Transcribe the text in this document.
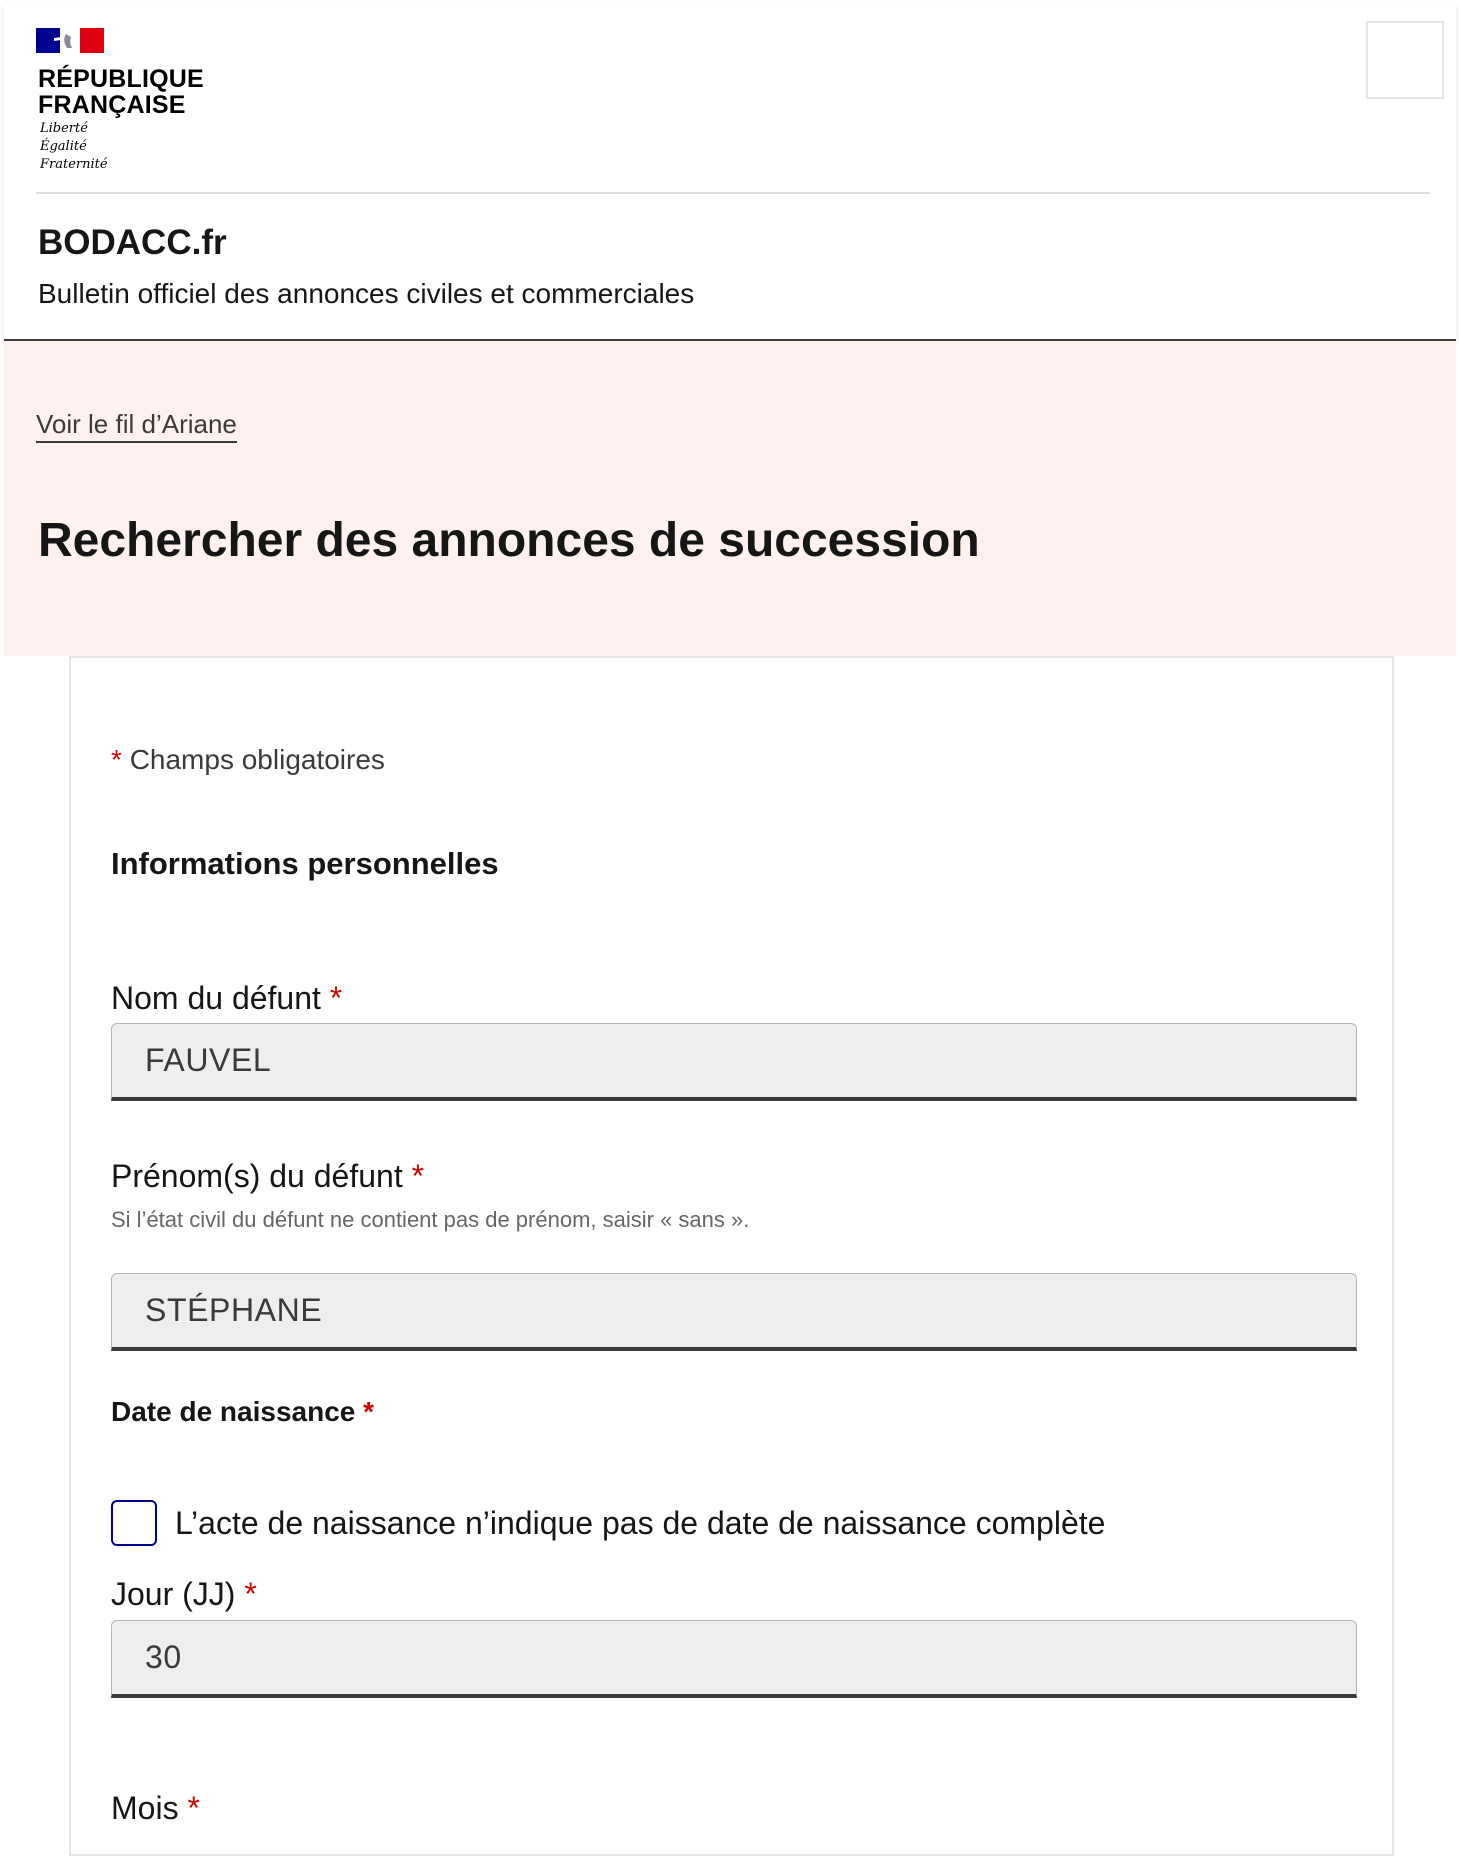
RÉPUBLIQUE
FRANÇAISE
Liberté
Égalité
Fraternité
BODACC.fr
Bulletin officiel des annonces civiles et commerciales
Voir le fil d’Ariane
Rechercher des annonces de succession
* Champs obligatoires
Informations personnelles
Nom du défunt *
FAUVEL
Prénom(s) du défunt *
Si l’état civil du défunt ne contient pas de prénom, saisir « sans ».
STÉPHANE
Date de naissance *
L’acte de naissance n’indique pas de date de naissance complète
Jour (JJ) *
30
Mois *
